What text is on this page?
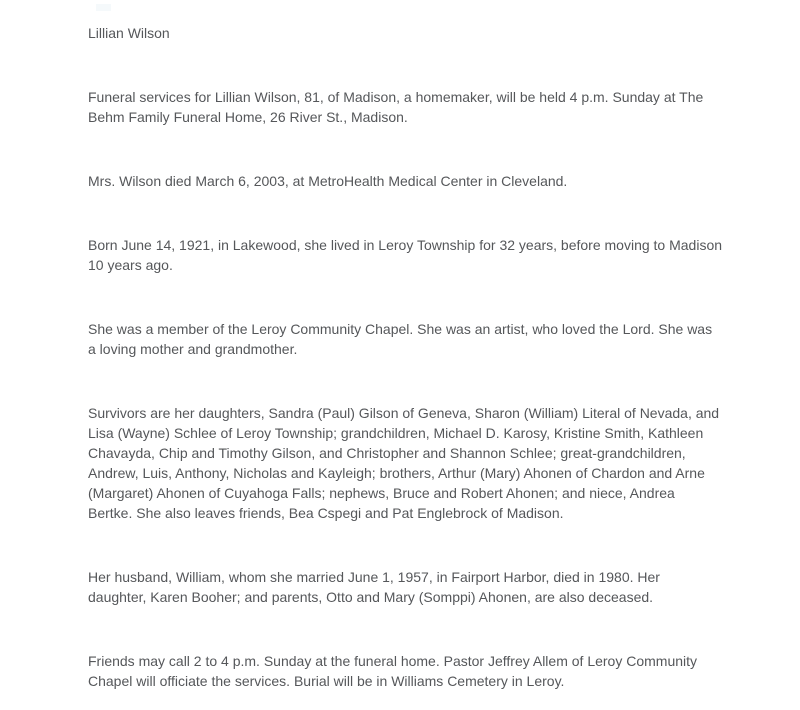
Lillian Wilson

Funeral services for Lillian Wilson, 81, of Madison, a homemaker, will be held 4 p.m. Sunday at The Behm Family Funeral Home, 26 River St., Madison.

Mrs. Wilson died March 6, 2003, at MetroHealth Medical Center in Cleveland.

Born June 14, 1921, in Lakewood, she lived in Leroy Township for 32 years, before moving to Madison 10 years ago.

She was a member of the Leroy Community Chapel. She was an artist, who loved the Lord. She was a loving mother and grandmother.

Survivors are her daughters, Sandra (Paul) Gilson of Geneva, Sharon (William) Literal of Nevada, and Lisa (Wayne) Schlee of Leroy Township; grandchildren, Michael D. Karosy, Kristine Smith, Kathleen Chavayda, Chip and Timothy Gilson, and Christopher and Shannon Schlee; great-grandchildren, Andrew, Luis, Anthony, Nicholas and Kayleigh; brothers, Arthur (Mary) Ahonen of Chardon and Arne (Margaret) Ahonen of Cuyahoga Falls; nephews, Bruce and Robert Ahonen; and niece, Andrea Bertke. She also leaves friends, Bea Cspegi and Pat Englebrock of Madison.

Her husband, William, whom she married June 1, 1957, in Fairport Harbor, died in 1980. Her daughter, Karen Booher; and parents, Otto and Mary (Somppi) Ahonen, are also deceased.

Friends may call 2 to 4 p.m. Sunday at the funeral home. Pastor Jeffrey Allem of Leroy Community Chapel will officiate the services. Burial will be in Williams Cemetery in Leroy.
